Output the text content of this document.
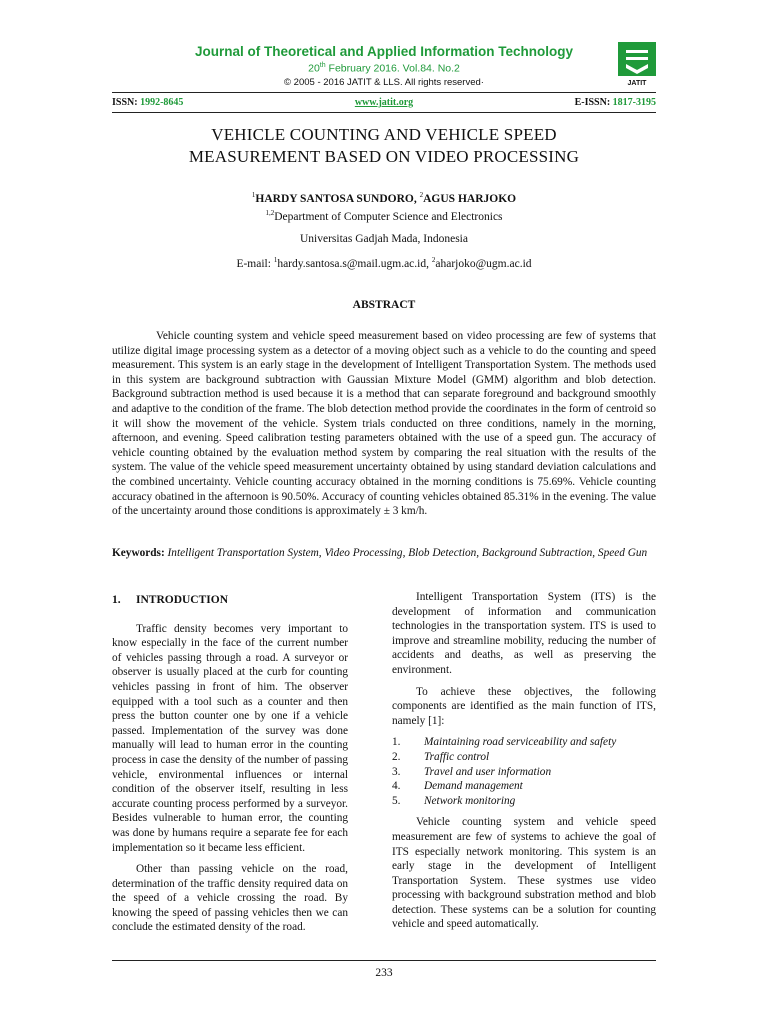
Journal of Theoretical and Applied Information Technology
20th February 2016. Vol.84. No.2
© 2005 - 2016 JATIT & LLS. All rights reserved·	JATIT
ISSN: 1992-8645	www.jatit.org	E-ISSN: 1817-3195
VEHICLE COUNTING AND VEHICLE SPEED
MEASUREMENT BASED ON VIDEO PROCESSING
$^1$HARDY SANTOSA SUNDORO, $^2$AGUS HARJOKO
$^{1,2}$Department of Computer Science and Electronics
Universitas Gadjah Mada, Indonesia
E-mail: $^1$hardy.santosa.s@mail.ugm.ac.id, $^2$aharjoko@ugm.ac.id
ABSTRACT

Vehicle counting system and vehicle speed measurement based on video processing are few of systems that utilize digital image processing system as a detector of a moving object such as a vehicle to do the counting and speed measurement. This system is an early stage in the development of Intelligent Transportation System. The methods used in this system are background subtraction with Gaussian Mixture Model (GMM) algorithm and blob detection. Background subtraction method is used because it is a method that can separate foreground and background smoothly and adaptive to the condition of the frame. The blob detection method provide the coordinates in the form of centroid so it will show the movement of the vehicle. System trials conducted on three conditions, namely in the morning, afternoon, and evening. Speed calibration testing parameters obtained with the use of a speed gun. The accuracy of vehicle counting obtained by the evaluation method system by comparing the real situation with the results of the system. The value of the vehicle speed measurement uncertainty obtained by using standard deviation calculations and the combined uncertainty. Vehicle counting accuracy obtained in the morning conditions is 75.69%. Vehicle counting accuracy obatined in the afternoon is 90.50%. Accuracy of counting vehicles obtained 85.31% in the evening. The value of the uncertainty around those conditions is approximately ± 3 km/h.

Keywords: Intelligent Transportation System, Video Processing, Blob Detection, Background Subtraction, Speed Gun
1. INTRODUCTION

Traffic density becomes very important to know especially in the face of the current number of vehicles passing through a road. A surveyor or observer is usually placed at the curb for counting vehicles passing in front of him. The observer equipped with a tool such as a counter and then press the button counter one by one if a vehicle passed. Implementation of the survey was done manually will lead to human error in the counting process in case the density of the number of passing vehicle, environmental influences or internal condition of the observer itself, resulting in less accurate counting process performed by a surveyor. Besides vulnerable to human error, the counting was done by humans require a separate fee for each implementation so it became less efficient.

Other than passing vehicle on the road, determination of the traffic density required data on the speed of a vehicle crossing the road. By knowing the speed of passing vehicles then we can conclude the estimated density of the road.

Intelligent Transportation System (ITS) is the development of information and communication technologies in the transportation system. ITS is used to improve and streamline mobility, reducing the number of accidents and deaths, as well as preserving the environment.

To achieve these objectives, the following components are identified as the main function of ITS, namely [1]:

1. Maintaining road serviceability and safety
2. Traffic control
3. Travel and user information
4. Demand management
5. Network monitoring

Vehicle counting system and vehicle speed measurement are few of systems to achieve the goal of ITS especially network monitoring. This system is an early stage in the development of Intelligent Transportation System. These systmes use video processing with background substration method and blob detection. These systems can be a solution for counting vehicle and speed automatically.

233
